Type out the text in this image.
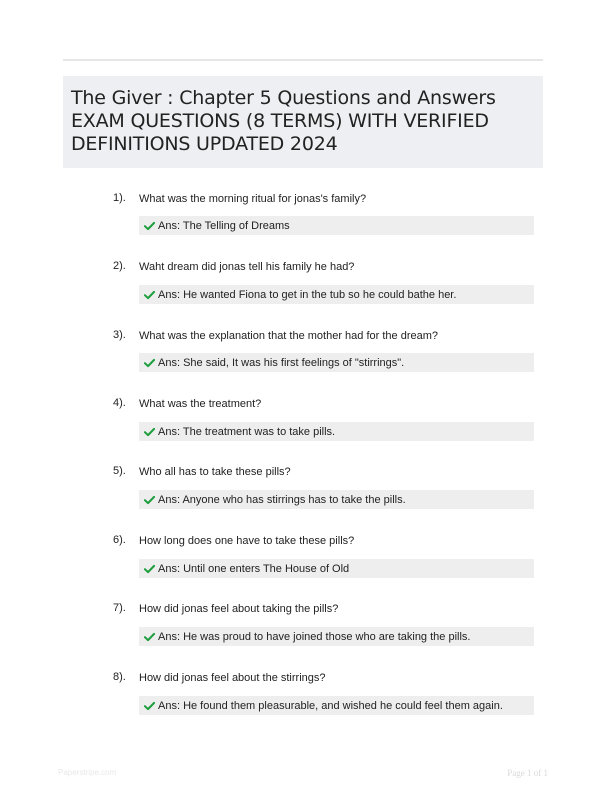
The Giver : Chapter 5 Questions and Answers EXAM QUESTIONS (8 TERMS) WITH VERIFIED DEFINITIONS UPDATED 2024
1). What was the morning ritual for jonas's family?
Ans: The Telling of Dreams
2). Waht dream did jonas tell his family he had?
Ans: He wanted Fiona to get in the tub so he could bathe her.
3). What was the explanation that the mother had for the dream?
Ans: She said, It was his first feelings of "stirrings".
4). What was the treatment?
Ans: The treatment was to take pills.
5). Who all has to take these pills?
Ans: Anyone who has stirrings has to take the pills.
6). How long does one have to take these pills?
Ans: Until one enters The House of Old
7). How did jonas feel about taking the pills?
Ans: He was proud to have joined those who are taking the pills.
8). How did jonas feel about the stirrings?
Ans: He found them pleasurable, and wished he could feel them again.
Paperstripe.com	Page 1 of 1
